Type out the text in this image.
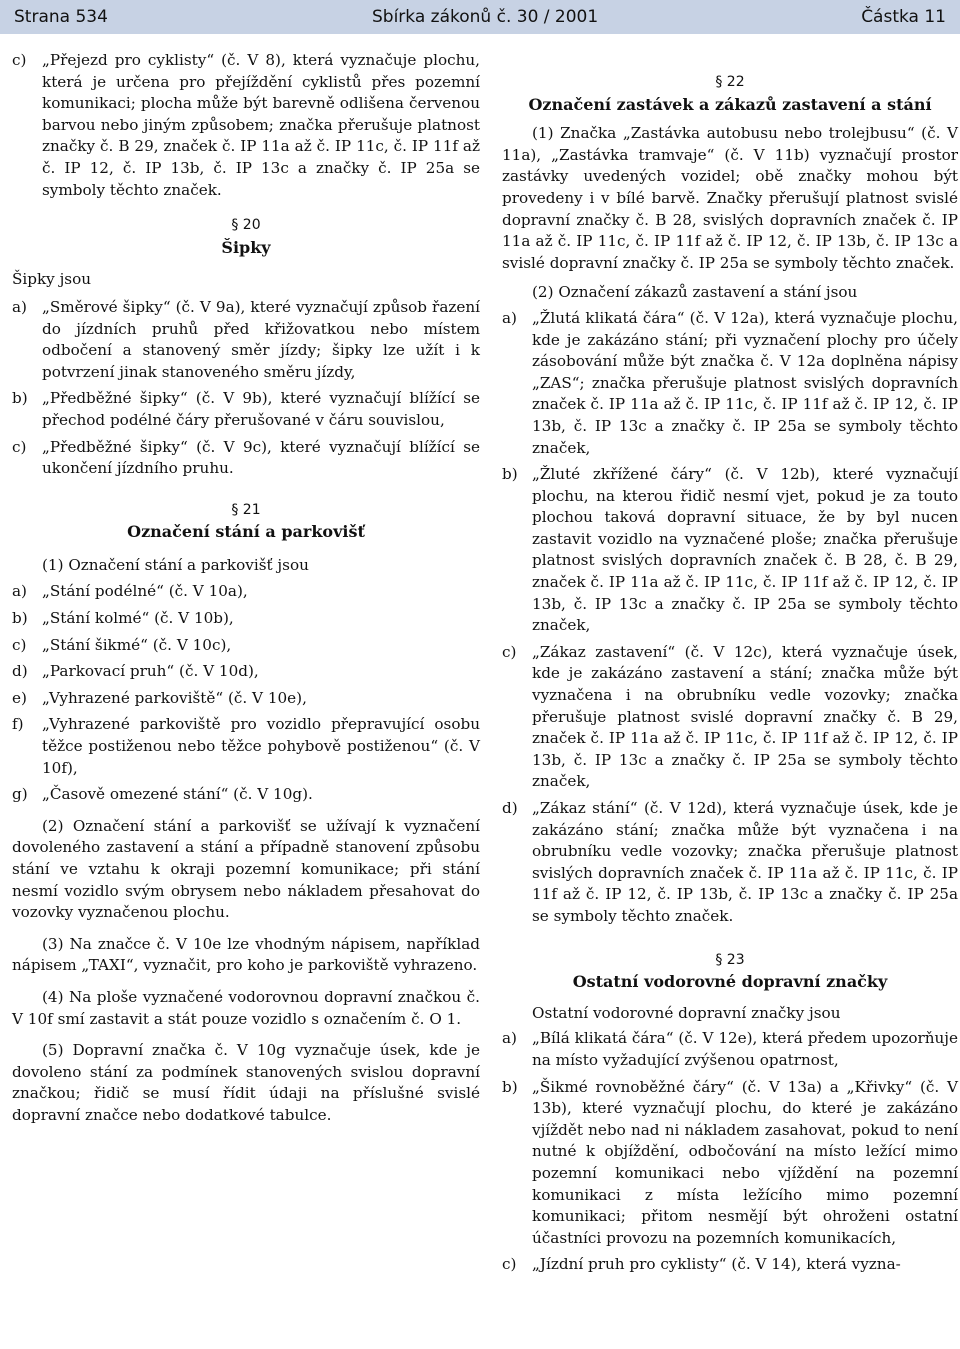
Strana 534	Sbírka zákonů č. 30 / 2001	Částka 11
c)	„Přejezd pro cyklisty“ (č. V 8), která vyznačuje plochu, která je určena pro přejíždění cyklistů přes pozemní komunikaci; plocha může být barevně odlišena červenou barvou nebo jiným způsobem; značka přerušuje platnost značky č. B 29, značek č. IP 11a až č. IP 11c, č. IP 11f až č. IP 12, č. IP 13b, č. IP 13c a značky č. IP 25a se symboly těchto značek.

§ 20

Šipky

Šipky jsou

a) „Směrové šipky“ (č. V 9a), které vyznačují způsob řazení do jízdních pruhů před křižovatkou nebo místem odbočení a stanovený směr jízdy; šipky lze užít i k potvrzení jinak stanoveného směru jízdy,
b) „Předběžné šipky“ (č. V 9b), které vyznačují blížící se přechod podélné čáry přerušované v čáru souvislou,
c)	„Předběžné šipky“ (č. V 9c), které vyznačují blížící se ukončení jízdního pruhu.

§ 21

Označení stání a parkovišť

(1) Označení stání a parkovišť jsou

a) „Stání podélné“ (č. V 10a),
b) „Stání kolmé“ (č. V 10b),
c)	„Stání šikmé“ (č. V 10c),
d) „Parkovací pruh“ (č. V 10d),
e) „Vyhrazené parkoviště“ (č. V 10e),
f)	„Vyhrazené parkoviště pro vozidlo přepravující osobu těžce postiženou nebo těžce pohybově postiženou“ (č. V 10f),
g) „Časově omezené stání“ (č. V 10g).

(2) Označení stání a parkovišť se užívají k vyznačení dovoleného zastavení a stání a případně stanovení způsobu stání ve vztahu k okraji pozemní komunikace; při stání nesmí vozidlo svým obrysem nebo nákladem přesahovat do vozovky vyznačenou plochu.

(3) Na značce č. V 10e lze vhodným nápisem, například nápisem „TAXI“, vyznačit, pro koho je parkoviště vyhrazeno.

(4) Na ploše vyznačené vodorovnou dopravní značkou č. V 10f smí zastavit a stát pouze vozidlo s označením č. O 1.

(5) Dopravní značka č. V 10g vyznačuje úsek, kde je dovoleno stání za podmínek stanovených svislou dopravní značkou; řidič se musí řídit údaji na příslušné svislé dopravní značce nebo dodatkové tabulce.

§ 22

Označení zastávek a zákazů zastavení a stání

(1) Značka „Zastávka autobusu nebo trolejbusu“ (č. V 11a), „Zastávka tramvaje“ (č. V 11b) vyznačují prostor zastávky uvedených vozidel; obě značky mohou být provedeny i v bílé barvě. Značky přerušují platnost svislé dopravní značky č. B 28, svislých dopravních značek č. IP 11a až č. IP 11c, č. IP 11f až č. IP 12, č. IP 13b, č. IP 13c a svislé dopravní značky č. IP 25a se symboly těchto značek.

(2) Označení zákazů zastavení a stání jsou

a) „Žlutá klikatá čára“ (č. V 12a), která vyznačuje plochu, kde je zakázáno stání; při vyznačení plochy pro účely zásobování může být značka č. V 12a doplněna nápisy „ZAS“; značka přerušuje platnost svislých dopravních značek č. IP 11a až č. IP 11c, č. IP 11f až č. IP 12, č. IP 13b, č. IP 13c a značky č. IP 25a se symboly těchto značek,
b) „Žluté zkřížené čáry“ (č. V 12b), které vyznačují plochu, na kterou řidič nesmí vjet, pokud je za touto plochou taková dopravní situace, že by byl nucen zastavit vozidlo na vyznačené ploše; značka přerušuje platnost svislých dopravních značek č. B 28, č. B 29, značek č. IP 11a až č. IP 11c, č. IP 11f až č. IP 12, č. IP 13b, č. IP 13c a značky č. IP 25a se symboly těchto značek,
c)	„Zákaz zastavení“ (č. V 12c), která vyznačuje úsek, kde je zakázáno zastavení a stání; značka může být vyznačena i na obrubníku vedle vozovky; značka přerušuje platnost svislé dopravní značky č. B 29, značek č. IP 11a až č. IP 11c, č. IP 11f až č. IP 12, č. IP 13b, č. IP 13c a značky č. IP 25a se symboly těchto značek,
d) „Zákaz stání“ (č. V 12d), která vyznačuje úsek, kde je zakázáno stání; značka může být vyznačena i na obrubníku vedle vozovky; značka přerušuje platnost svislých dopravních značek č. IP 11a až č. IP 11c, č. IP 11f až č. IP 12, č. IP 13b, č. IP 13c a značky č. IP 25a se symboly těchto značek.

§ 23

Ostatní vodorovné dopravní značky

Ostatní vodorovné dopravní značky jsou

a) „Bílá klikatá čára“ (č. V 12e), která předem upozorňuje na místo vyžadující zvýšenou opatrnost,
b) „Šikmé rovnoběžné čáry“ (č. V 13a) a „Křivky“ (č. V 13b), které vyznačují plochu, do které je zakázáno vjíždět nebo nad ni nákladem zasahovat, pokud to není nutné k objíždění, odbočování na místo ležící mimo pozemní komunikaci nebo vjíždění na pozemní komunikaci z místa ležícího mimo pozemní komunikaci; přitom nesmějí být ohroženi ostatní účastníci provozu na pozemních komunikacích,
c)	„Jízdní pruh pro cyklisty“ (č. V 14), která vyzna-
